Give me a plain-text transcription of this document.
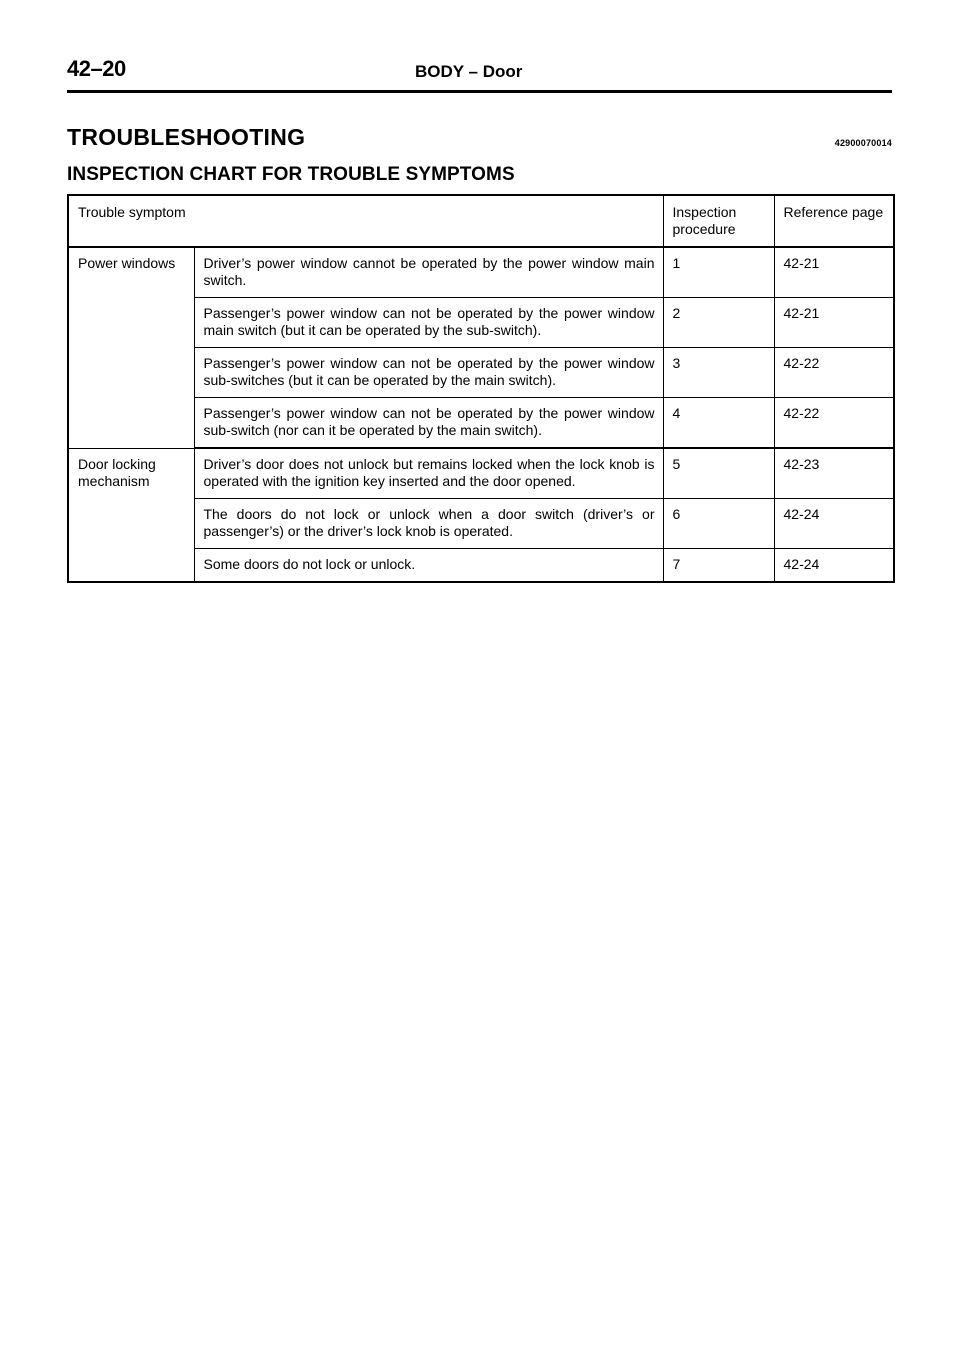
42–20	BODY – Door
TROUBLESHOOTING	42900070014
INSPECTION CHART FOR TROUBLE SYMPTOMS
Trouble symptom		Inspection procedure	Reference page
Power windows	Driver’s power window cannot be operated by the power window main switch.	1	42-21
	Passenger’s power window can not be operated by the power window main switch (but it can be operated by the sub-switch).	2	42-21
	Passenger’s power window can not be operated by the power window sub-switches (but it can be operated by the main switch).	3	42-22
	Passenger’s power window can not be operated by the power window sub-switch (nor can it be operated by the main switch).	4	42-22
Door locking mechanism	Driver’s door does not unlock but remains locked when the lock knob is operated with the ignition key inserted and the door opened.	5	42-23
	The doors do not lock or unlock when a door switch (driver’s or passenger’s) or the driver’s lock knob is operated.	6	42-24
	Some doors do not lock or unlock.	7	42-24
